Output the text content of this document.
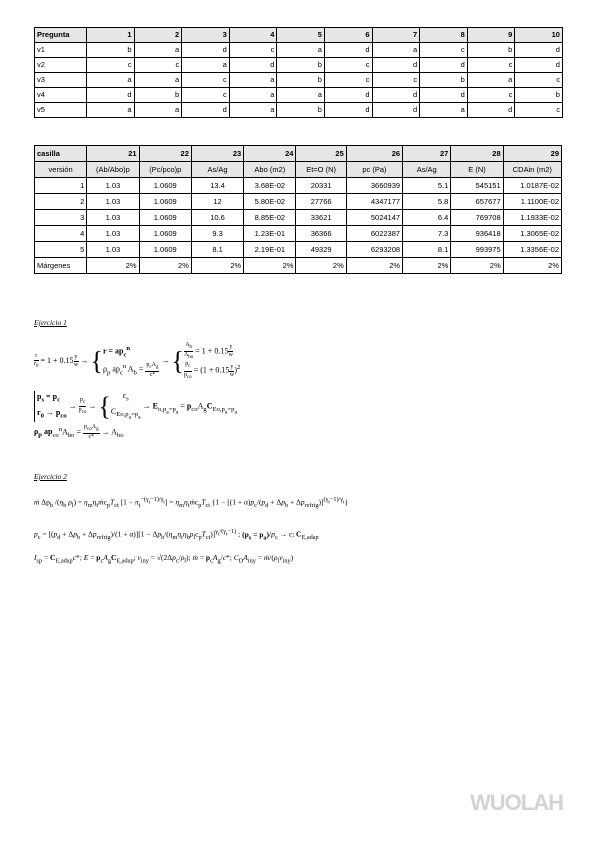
Pregunta	1	2	3	4	5	6	7	8	9	10
v1	b	a	d	c	a	d	a	c	b	d
v2	c	c	a	d	b	c	d	d	c	d
v3	a	a	c	a	b	c	c	b	a	c
v4	d	b	c	a	a	d	d	d	c	b
v5	a	a	d	a	b	d	d	a	d	c
casilla	21	22	23	24	25	26	27	28	29
versión	(Ab/Abo)p	(Pc/pco)p	As/Ag	Abo (m2)	Et=O (N)	pc (Pa)	As/Ag	E (N)	CDAin (m2)
1	1.03	1.0609	13.4	3.68E-02	20331	3660939	5.1	545151	1.0187E-02
2	1.03	1.0609	12	5.80E-02	27766	4347177	5.8	657677	1.1100E-02
3	1.03	1.0609	10.6	8.85E-02	33621	5024147	6.4	769708	1.1933E-02
4	1.03	1.0609	9.3	1.23E-01	36366	6022387	7.3	936418	1.3065E-02
5	1.03	1.0609	8.1	2.19E-01	49329	6293208	8.1	993975	1.3356E-02
Márgenes	2%	2%	2%	2%	2%	2%	2%	2%	2%
Ejercicio 1
$\frac{r}{r_0} = 1 + 0.15 \frac{y}{w}$ → { $r = ap_c^n$
$\rho_p$ $ap_c^n$ $A_b$ =
$p_cA_g$
c*
→ {
$A_b$
$A_{bo}$
= $1 + 0.15 \frac{y}{w}$
$p_c$
$p_{co}$
= $(1 + 0.15 \frac{y}{w} )^2$
$p_s = p_c$
$r_0 \to p_{co}$
→
$p_c$
$p_{co}$
→ {	$\varepsilon_s$
$C_{Eo,p_a=p_a}$
→ $E_{o,p_a=p_a} = p_{co}A_gC_{Eo,p_a=p_a}$
$\rho_p$ $ap_{co}^nA_{bo}$ =
$p_{co}A_g$
c*
→ $A_{bo}$
Ejercicio 2
ṁ $\Delta p_b$ $/(\eta_b$ $\rho_l$) = $\eta_m\eta_tṁc_pT_{ct}$ $[1 - \pi_t^{-(\gamma_t-1)/\gamma_t}]$ = $\eta_m\eta_tṁc_pT_{ct}$ $\{1 - [(1 + \alpha)p_c/(p_d + \Delta p_b + \Delta p_{refrig})]^{(\gamma_t-1)/\gamma_t}\}$
$p_c = [(p_d + \Delta p_b + \Delta p_{refrig})/(1 + \alpha)][1 - \Delta p_b/(\eta_m\eta_t\eta_b\rho_lc_pT_{ct})]^{\gamma_t/(\gamma_t-1)}$ ; $(p_s = p_a)/p_c \to \varepsilon$; $C_{E,adap}$
$I_{sp} = C_{E,adap}c*$; $E = p_cA_gC_{E,adap}$; $v_{iny} = √(2\Delta p_c/\rho_l)$; ṁ = $p_cA_g/c*$; $C_DA_{iny}$ = $ṁ/(\rho_lv_{iny})$
WUOLAH
